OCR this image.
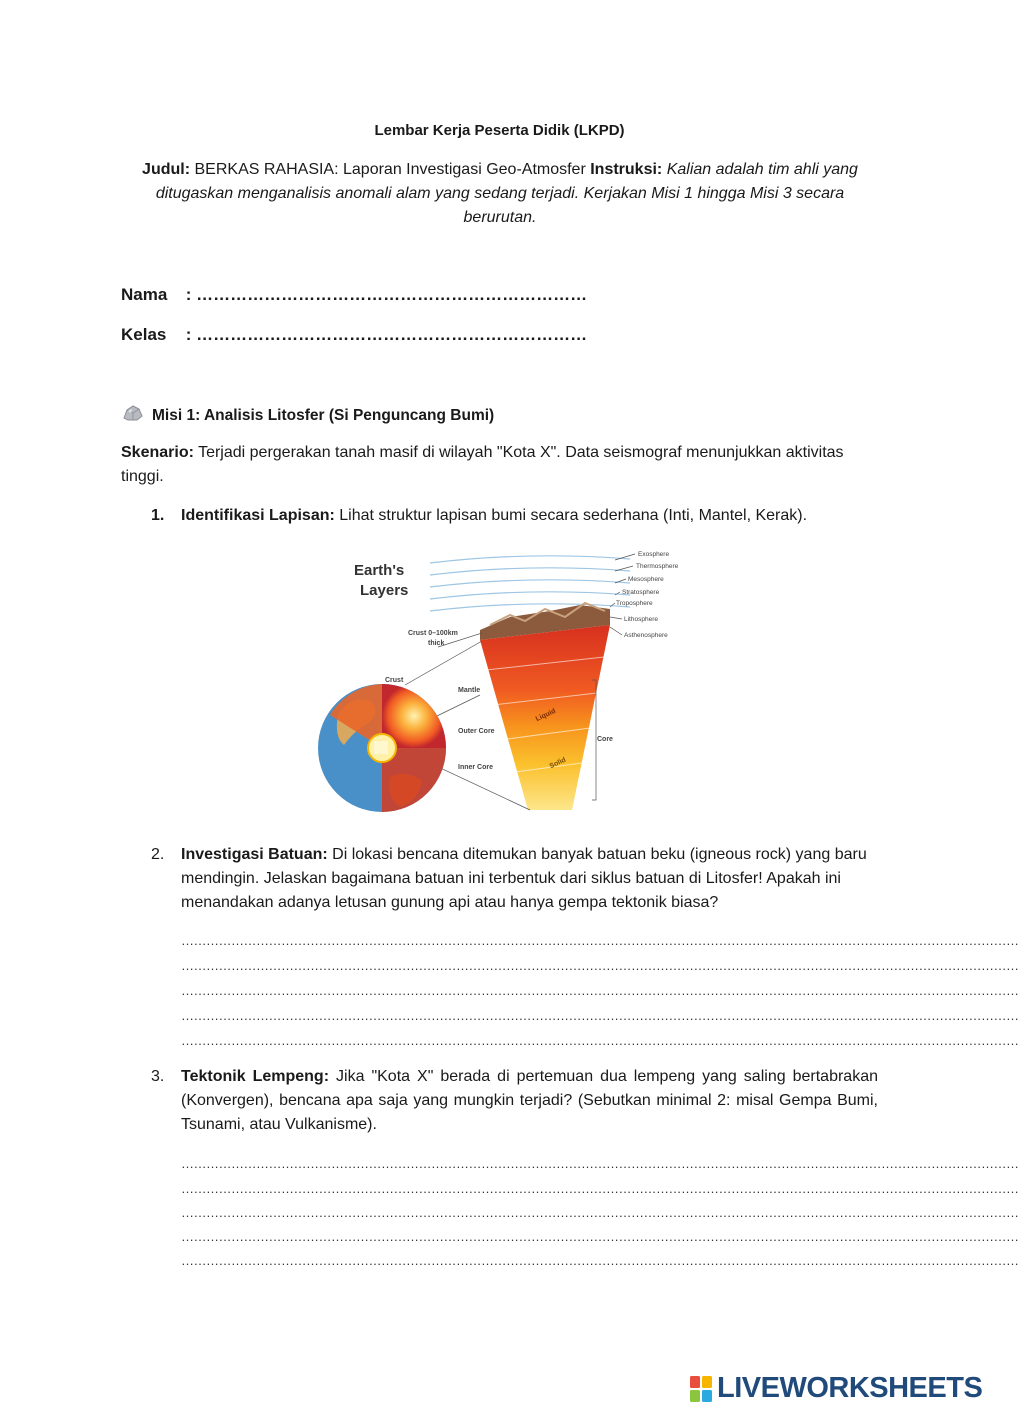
Lembar Kerja Peserta Didik (LKPD)
Judul: BERKAS RAHASIA: Laporan Investigasi Geo-Atmosfer Instruksi: Kalian adalah tim ahli yang ditugaskan menganalisis anomali alam yang sedang terjadi. Kerjakan Misi 1 hingga Misi 3 secara berurutan.
Nama : ……………………………………………………………
Kelas : ……………………………………………………………
Misi 1: Analisis Litosfer (Si Penguncang Bumi)
Skenario: Terjadi pergerakan tanah masif di wilayah "Kota X". Data seismograf menunjukkan aktivitas tinggi.
1.	Identifikasi Lapisan: Lihat struktur lapisan bumi secara sederhana (Inti, Mantel, Kerak).
Earth's
Layers
Exosphere
Thermosphere
Mesosphere
Stratosphere
Troposphere
Lithosphere
Asthenosphere
Crust 0–100km
thick
Crust
Mantle
Outer Core
Inner Core
Core
Liquid
Solid
2.	Investigasi Batuan: Di lokasi bencana ditemukan banyak batuan beku (igneous rock) yang baru mendingin. Jelaskan bagaimana batuan ini terbentuk dari siklus batuan di Litosfer! Apakah ini menandakan adanya letusan gunung api atau hanya gempa tektonik biasa?
…………………………………………………………………………………………………………………………………………………………………………………
…………………………………………………………………………………………………………………………………………………………………………………
…………………………………………………………………………………………………………………………………………………………………………………
…………………………………………………………………………………………………………………………………………………………………………………
…………………………………………………………………………………………………………………………………………………………………………………
3.	Tektonik Lempeng: Jika "Kota X" berada di pertemuan dua lempeng yang saling bertabrakan (Konvergen), bencana apa saja yang mungkin terjadi? (Sebutkan minimal 2: misal Gempa Bumi, Tsunami, atau Vulkanisme).
…………………………………………………………………………………………………………………………………………………………………………………
…………………………………………………………………………………………………………………………………………………………………………………
…………………………………………………………………………………………………………………………………………………………………………………
…………………………………………………………………………………………………………………………………………………………………………………
…………………………………………………………………………………………………………………………………………………………………………………
LIVEWORKSHEETS
